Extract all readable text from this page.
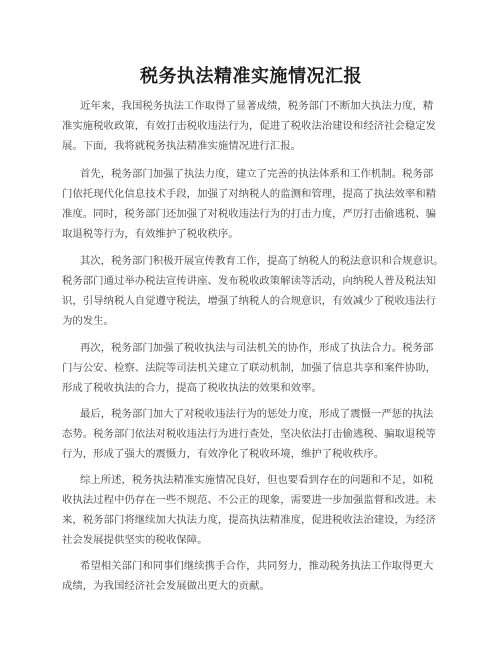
税务执法精准实施情况汇报
近年来，我国税务执法工作取得了显著成绩，税务部门不断加大执法力度，精
准实施税收政策，有效打击税收违法行为，促进了税收法治建设和经济社会稳定发
展。下面，我将就税务执法精准实施情况进行汇报。
首先，税务部门加强了执法力度，建立了完善的执法体系和工作机制。税务部
门依托现代化信息技术手段，加强了对纳税人的监测和管理，提高了执法效率和精
准度。同时，税务部门还加强了对税收违法行为的打击力度，严厉打击偷逃税、骗
取退税等行为，有效维护了税收秩序。
其次，税务部门积极开展宣传教育工作，提高了纳税人的税法意识和合规意识。
税务部门通过举办税法宣传讲座、发布税收政策解读等活动，向纳税人普及税法知
识，引导纳税人自觉遵守税法，增强了纳税人的合规意识，有效减少了税收违法行
为的发生。
再次，税务部门加强了税收执法与司法机关的协作，形成了执法合力。税务部
门与公安、检察、法院等司法机关建立了联动机制，加强了信息共享和案件协助，
形成了税收执法的合力，提高了税收执法的效果和效率。
最后，税务部门加大了对税收违法行为的惩处力度，形成了震慑一严惩的执法
态势。税务部门依法对税收违法行为进行查处，坚决依法打击偷逃税、骗取退税等
行为，形成了强大的震慑力，有效净化了税收环境，维护了税收秩序。
综上所述，税务执法精准实施情况良好，但也要看到存在的问题和不足，如税
收执法过程中仍存在一些不规范、不公正的现象，需要进一步加强监督和改进。未
来，税务部门将继续加大执法力度，提高执法精准度，促进税收法治建设，为经济
社会发展提供坚实的税收保障。
希望相关部门和同事们继续携手合作，共同努力，推动税务执法工作取得更大
成绩，为我国经济社会发展做出更大的贡献。
